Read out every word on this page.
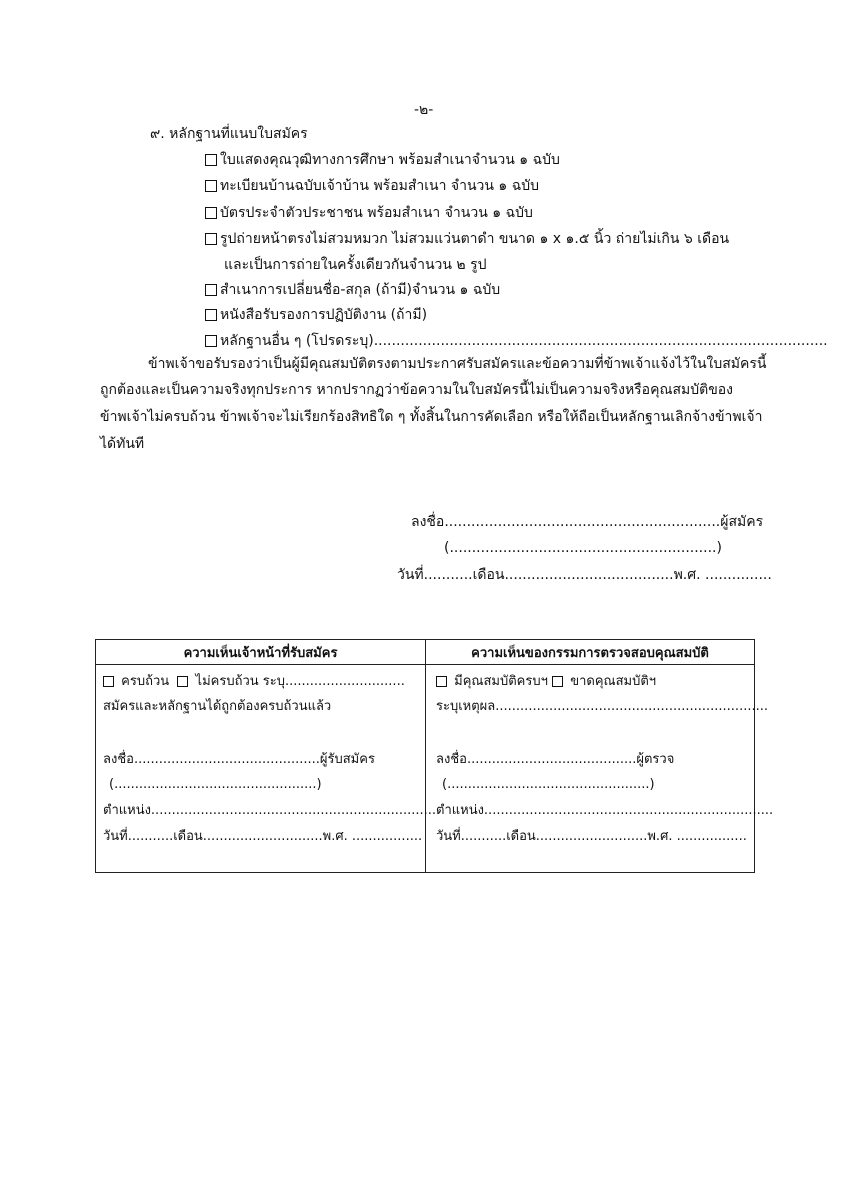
-๒-
๙. หลักฐานที่แนบใบสมัคร
ใบแสดงคุณวุฒิทางการศึกษา พร้อมสำเนาจำนวน ๑ ฉบับ
ทะเบียนบ้านฉบับเจ้าบ้าน พร้อมสำเนา จำนวน ๑ ฉบับ
บัตรประจำตัวประชาชน พร้อมสำเนา จำนวน ๑ ฉบับ
รูปถ่ายหน้าตรงไม่สวมหมวก ไม่สวมแว่นตาดำ ขนาด ๑ x ๑.๕ นิ้ว ถ่ายไม่เกิน ๖ เดือน
และเป็นการถ่ายในครั้งเดียวกันจำนวน ๒ รูป
สำเนาการเปลี่ยนชื่อ-สกุล (ถ้ามี)จำนวน ๑ ฉบับ
หนังสือรับรองการปฏิบัติงาน (ถ้ามี)
หลักฐานอื่น ๆ (โปรดระบุ)......................................................................................................
ข้าพเจ้าขอรับรองว่าเป็นผู้มีคุณสมบัติตรงตามประกาศรับสมัครและข้อความที่ข้าพเจ้าแจ้งไว้ในใบสมัครนี้
ถูกต้องและเป็นความจริงทุกประการ หากปรากฏว่าข้อความในใบสมัครนี้ไม่เป็นความจริงหรือคุณสมบัติของ
ข้าพเจ้าไม่ครบถ้วน ข้าพเจ้าจะไม่เรียกร้องสิทธิใด ๆ ทั้งสิ้นในการคัดเลือก หรือให้ถือเป็นหลักฐานเลิกจ้างข้าพเจ้า
ได้ทันที
ลงชื่อ..............................................................ผู้สมัคร
(............................................................)
วันที่...........เดือน......................................พ.ศ. ...............
ความเห็นเจ้าหน้าที่รับสมัคร	ความเห็นของกรรมการตรวจสอบคุณสมบัติ
ครบถ้วน ไม่ครบถ้วน ระบุ.............................
สมัครและหลักฐานได้ถูกต้องครบถ้วนแล้ว
ลงชื่อ.............................................ผู้รับสมัคร
(.................................................)
ตำแหน่ง......................................................................
วันที่...........เดือน.............................พ.ศ. .................
มีคุณสมบัติครบฯ ขาดคุณสมบัติฯ
ระบุเหตุผล..................................................................
ลงชื่อ.........................................ผู้ตรวจ
(.................................................)
ตำแหน่ง......................................................................
วันที่...........เดือน...........................พ.ศ. .................
